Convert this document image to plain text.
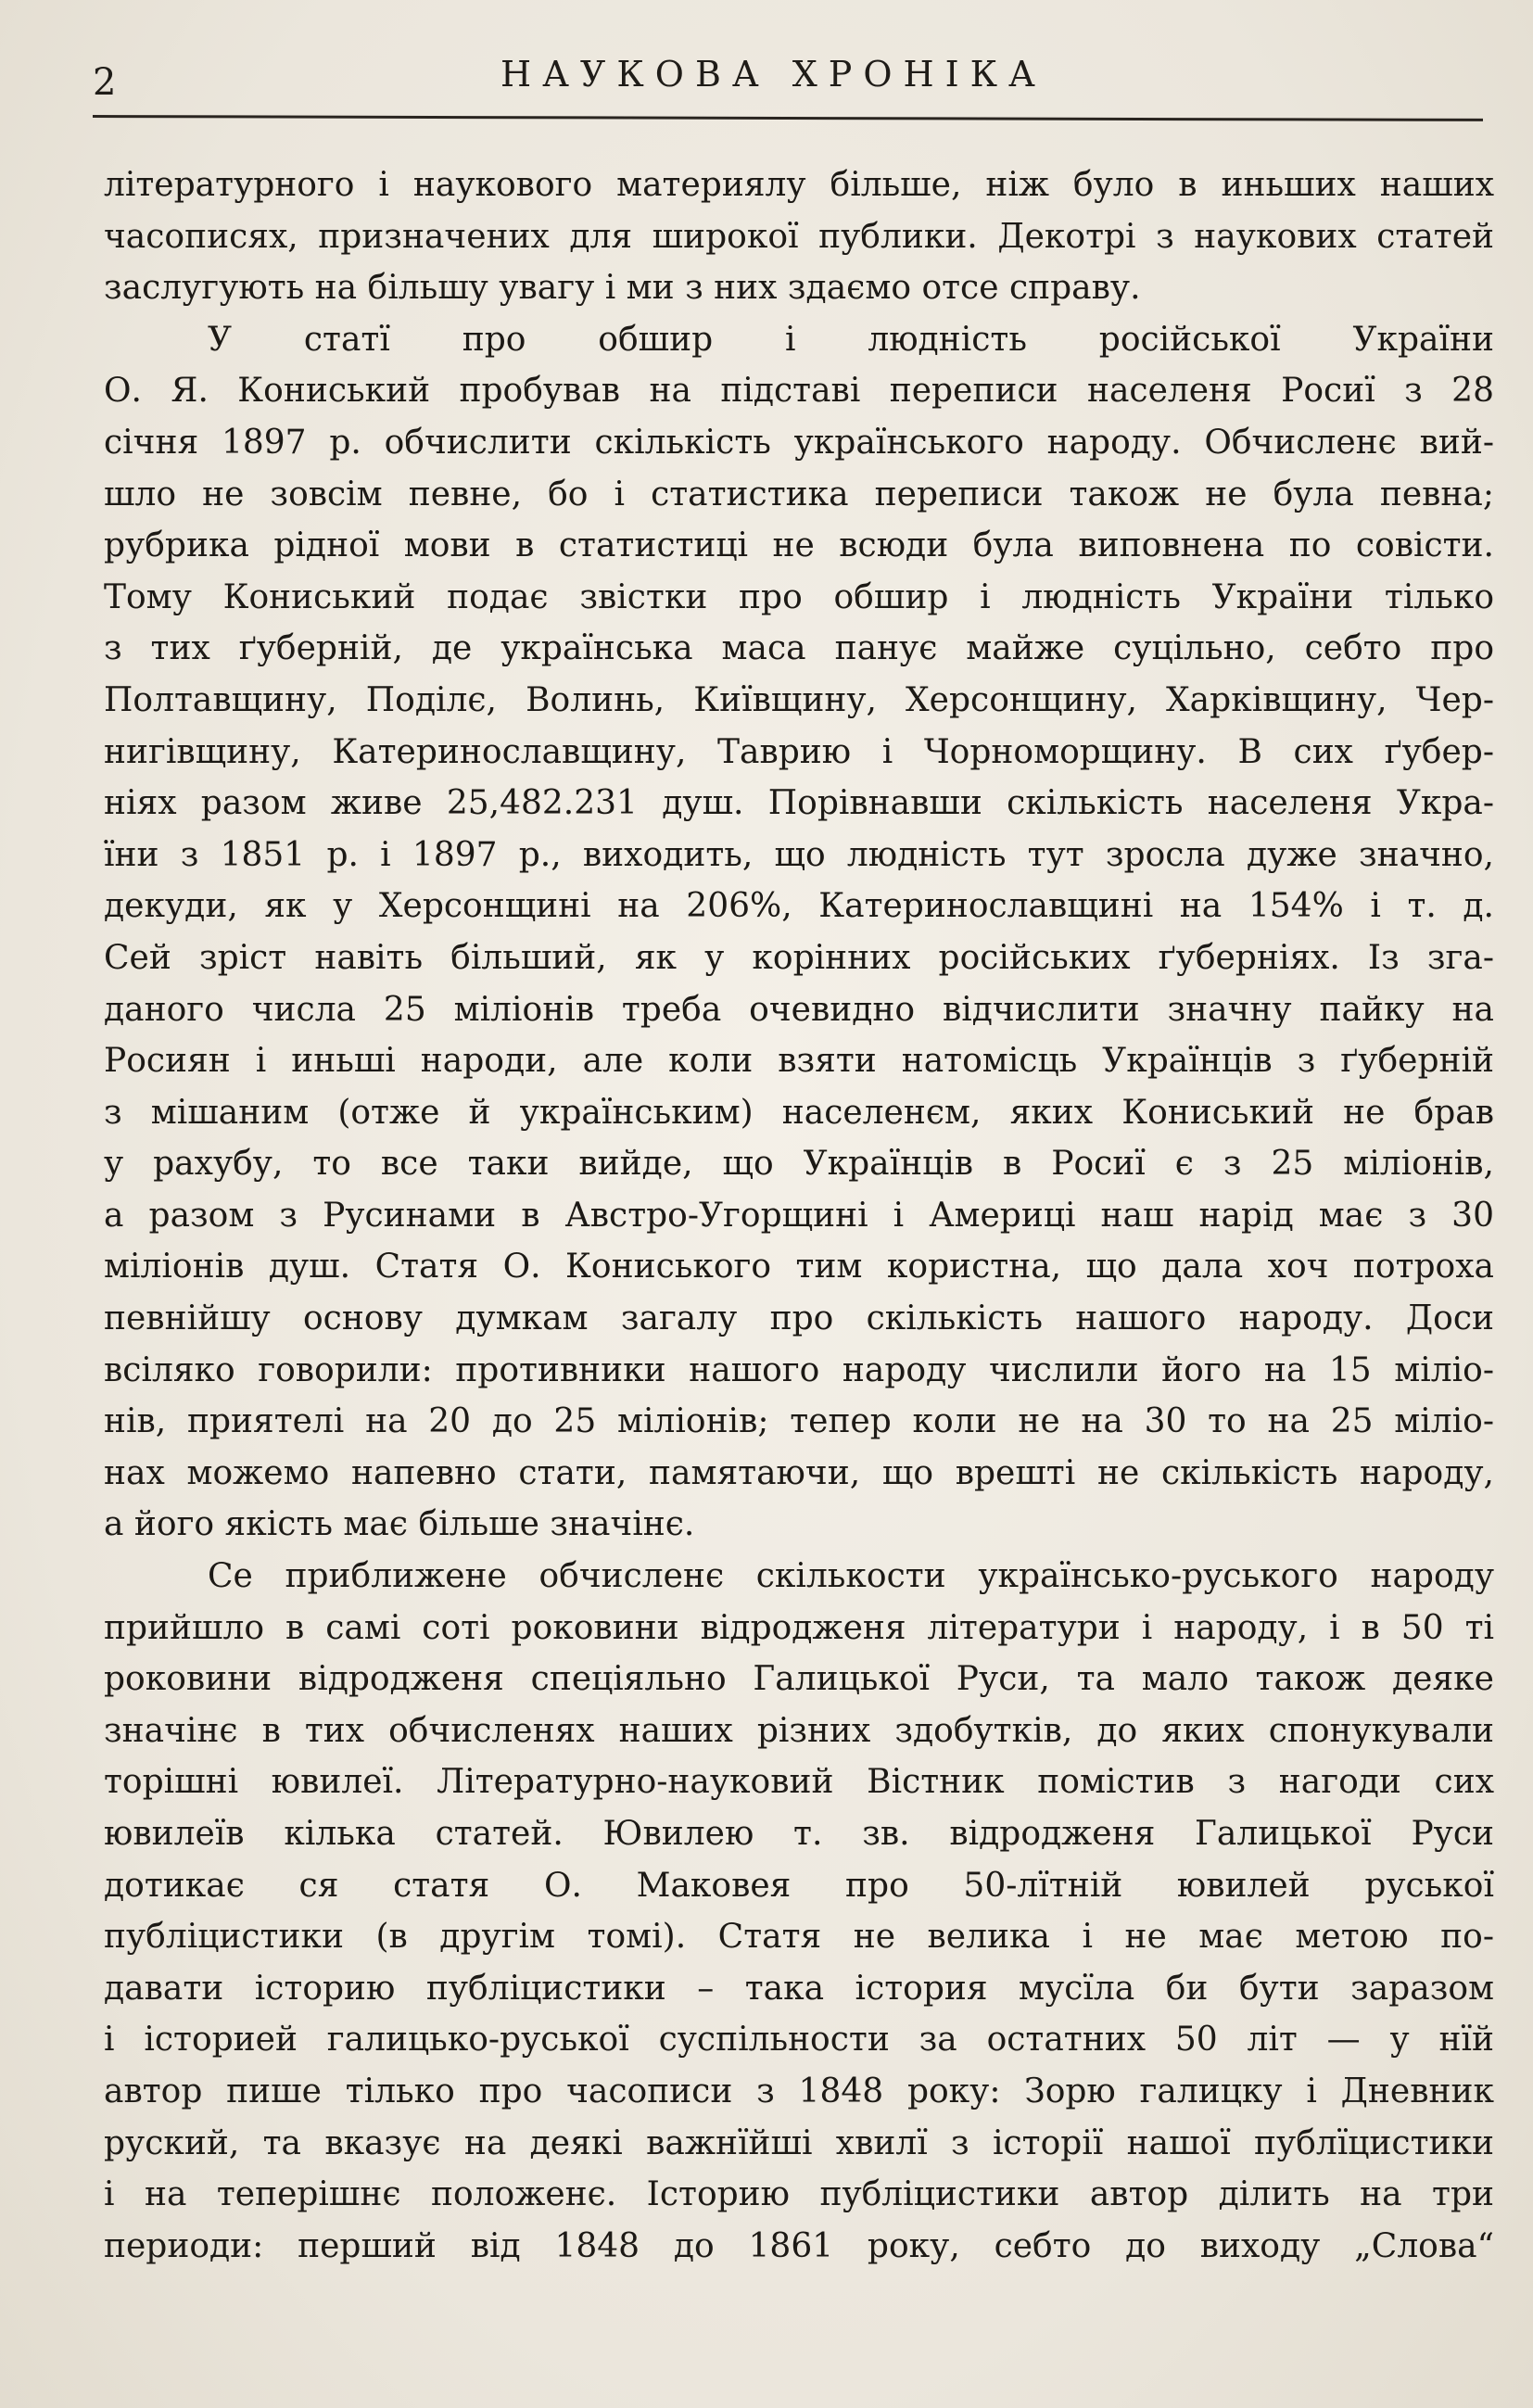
2	НАУКОВА ХРОНІКА
літературного і наукового материялу більше, ніж було в иньших наших
часописях, призначених для широкої публики. Декотрі з наукових статей
заслугують на більшу увагу і ми з них здаємо отсе справу.
У статї про обшир і людність російської України
О. Я. Кониський пробував на підставі переписи населеня Росиї з 28
січня 1897 р. обчислити скількість українського народу. Обчисленє вий-
шло не зовсім певне, бо і статистика переписи також не була певна;
рубрика рідної мови в статистиці не всюди була виповнена по совісти.
Тому Кониський подає звістки про обшир і людність України тілько
з тих ґуберній, де українська маса панує майже суцільно, себто про
Полтавщину, Поділє, Волинь, Київщину, Херсонщину, Харківщину, Чер-
нигівщину, Катеринославщину, Таврию і Чорноморщину. В сих ґубер-
ніях разом живе 25,482.231 душ. Порівнавши скількість населеня Укра-
їни з 1851 р. і 1897 р., виходить, що людність тут зросла дуже значно,
декуди, як у Херсонщині на 206%, Катеринославщині на 154% і т. д.
Сей зріст навіть більший, як у корінних російських ґуберніях. Із зга-
даного числа 25 міліонів треба очевидно відчислити значну пайку на
Росиян і иньші народи, але коли взяти натомісць Українців з ґуберній
з мішаним (отже й українським) населенєм, яких Кониський не брав
у рахубу, то все таки вийде, що Українців в Росиї є з 25 міліонів,
а разом з Русинами в Австро-Угорщині і Америці наш нарід має з 30
міліонів душ. Статя О. Кониського тим користна, що дала хоч потроха
певнійшу основу думкам загалу про скількість нашого народу. Доси
всіляко говорили: противники нашого народу числили його на 15 міліо-
нів, приятелі на 20 до 25 міліонів; тепер коли не на 30 то на 25 міліо-
нах можемо напевно стати, памятаючи, що врешті не скількість народу,
а його якість має більше значінє.
Се приближене обчисленє скількости українсько-руського народу
прийшло в самі соті роковини відродженя літератури і народу, і в 50 ті
роковини відродженя спецiяльно Галицької Руси, та мало також деяке
значінє в тих обчисленях наших різних здобутків, до яких спонукували
торішні ювилеї. Літературно-науковий Вістник помістив з нагоди сих
ювилеїв кілька статей. Ювилею т. зв. відродженя Галицької Руси
дотикає ся статя О. Маковея про 50-лїтній ювилей руської
публіцистики (в другім томі). Статя не велика і не має метою по-
давати історию публіцистики – така істория мусїла би бути заразом
і історией галицько-руської суспільности за остатних 50 літ — у нїй
автор пише тілько про часописи з 1848 року: Зорю галицку і Дневник
руский, та вказує на деякі важнїйші хвилї з історії нашої публїцистики
і на теперішнє положенє. Історию публіцистики автор ділить на три
периоди: перший від 1848 до 1861 року, себто до виходу „Слова“
